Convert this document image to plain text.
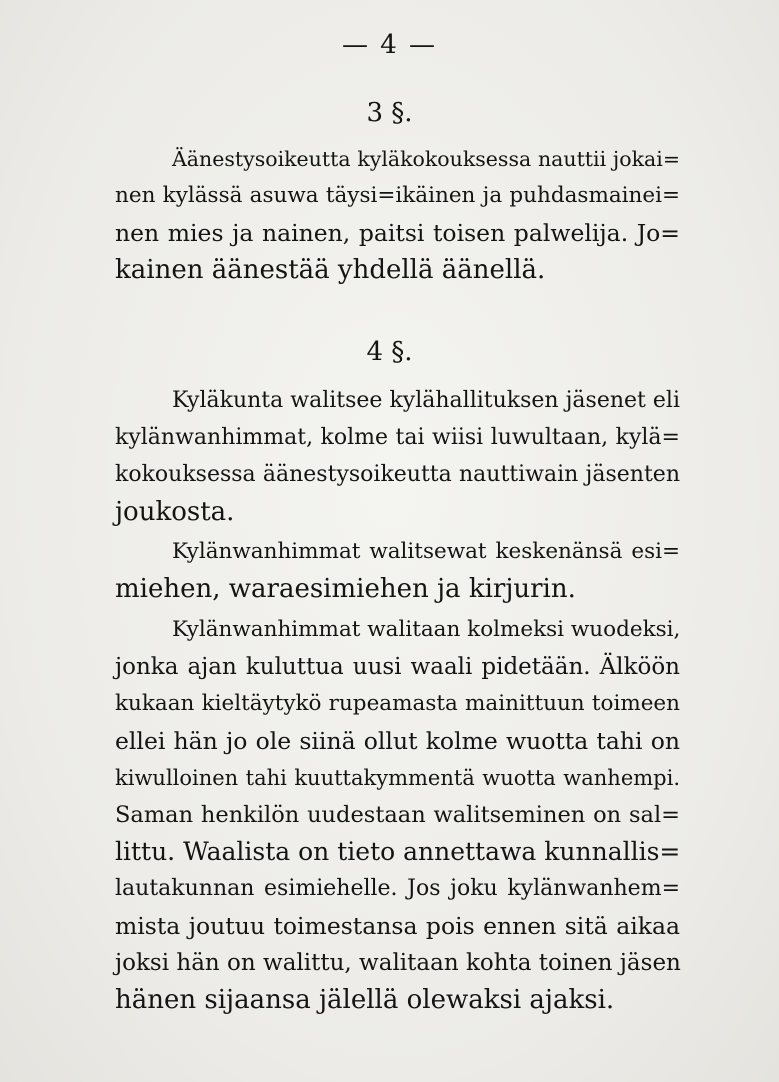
— 4 —
3 §.
Äänestysoikeutta kyläkokouksessa nauttii jokai=
nen kylässä asuwa täysi=ikäinen ja puhdasmainei=
nen mies ja nainen, paitsi toisen palwelija. Jo=
kainen äänestää yhdellä äänellä.
4 §.
Kyläkunta walitsee kylähallituksen jäsenet eli
kylänwanhimmat, kolme tai wiisi luwultaan, kylä=
kokouksessa äänestysoikeutta nauttiwain jäsenten
joukosta.
Kylänwanhimmat walitsewat keskenänsä esi=
miehen, waraesimiehen ja kirjurin.
Kylänwanhimmat walitaan kolmeksi wuodeksi,
jonka ajan kuluttua uusi waali pidetään. Älköön
kukaan kieltäytykö rupeamasta mainittuun toimeen
ellei hän jo ole siinä ollut kolme wuotta tahi on
kiwulloinen tahi kuuttakymmentä wuotta wanhempi.
Saman henkilön uudestaan walitseminen on sal=
littu. Waalista on tieto annettawa kunnallis=
lautakunnan esimiehelle. Jos joku kylänwanhem=
mista joutuu toimestansa pois ennen sitä aikaa
joksi hän on walittu, walitaan kohta toinen jäsen
hänen sijaansa jälellä olewaksi ajaksi.
